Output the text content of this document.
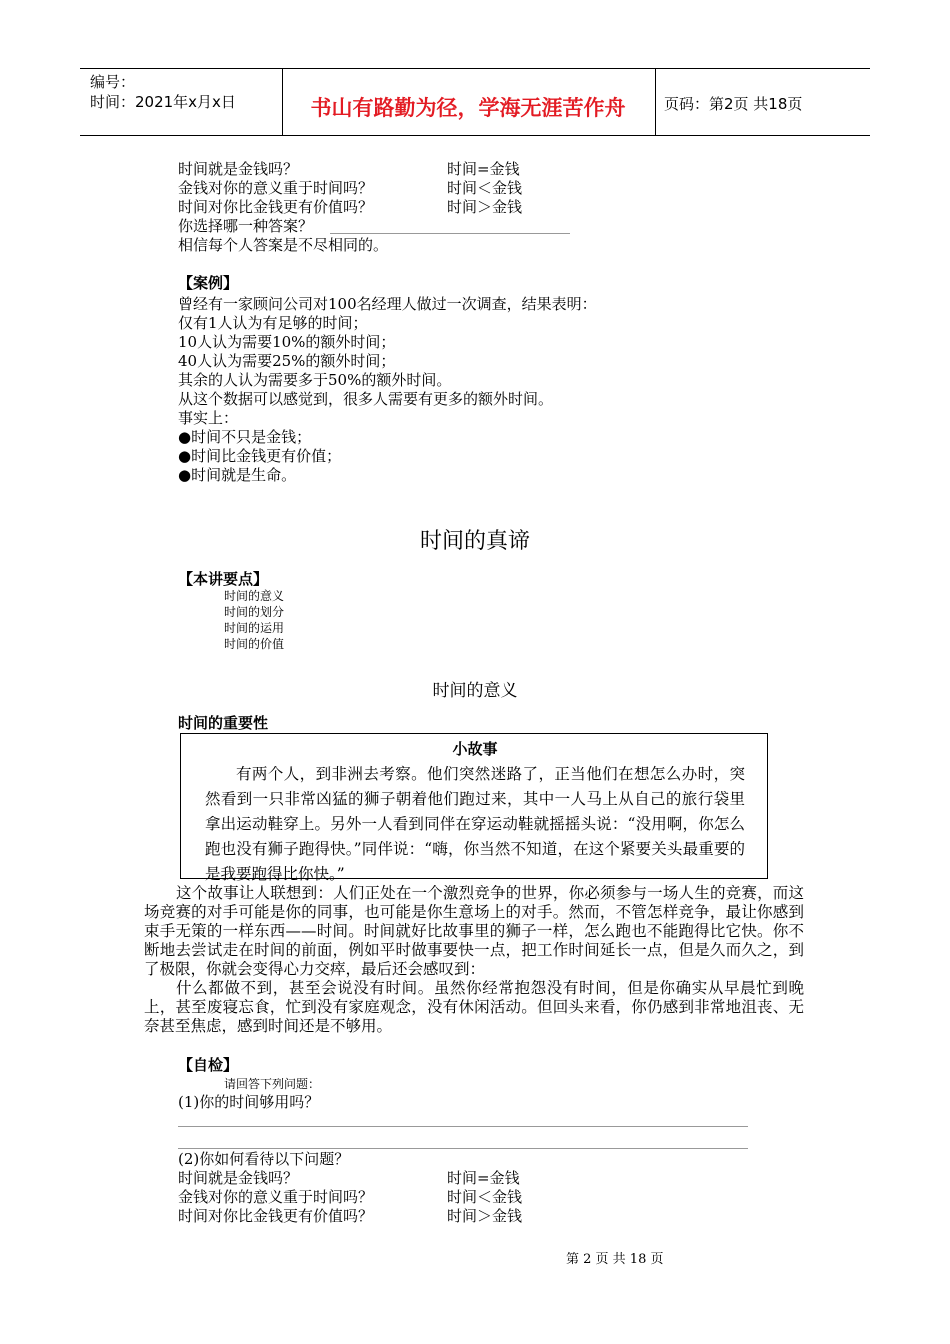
编号：
时间：2021年x月x日	书山有路勤为径，学海无涯苦作舟	页码：第2页 共18页
时间就是金钱吗？	时间=金钱
金钱对你的意义重于时间吗？	时间＜金钱
时间对你比金钱更有价值吗？	时间＞金钱
你选择哪一种答案？
相信每个人答案是不尽相同的。
【案例】
曾经有一家顾问公司对100名经理人做过一次调查，结果表明：
仅有1人认为有足够的时间；
10人认为需要10%的额外时间；
40人认为需要25%的额外时间；
其余的人认为需要多于50%的额外时间。
从这个数据可以感觉到，很多人需要有更多的额外时间。
事实上：
●时间不只是金钱；
●时间比金钱更有价值；
●时间就是生命。
时间的真谛
【本讲要点】
时间的意义
时间的划分
时间的运用
时间的价值
时间的意义
时间的重要性
小故事
有两个人，到非洲去考察。他们突然迷路了，正当他们在想怎么办时，突然看到一只非常凶猛的狮子朝着他们跑过来，其中一人马上从自己的旅行袋里拿出运动鞋穿上。另外一人看到同伴在穿运动鞋就摇摇头说：“没用啊，你怎么跑也没有狮子跑得快。”同伴说：“嗨，你当然不知道，在这个紧要关头最重要的是我要跑得比你快。”
这个故事让人联想到：人们正处在一个激烈竞争的世界，你必须参与一场人生的竞赛，而这场竞赛的对手可能是你的同事，也可能是你生意场上的对手。然而，不管怎样竞争，最让你感到束手无策的一样东西——时间。时间就好比故事里的狮子一样，怎么跑也不能跑得比它快。你不断地去尝试走在时间的前面，例如平时做事要快一点，把工作时间延长一点，但是久而久之，到了极限，你就会变得心力交瘁，最后还会感叹到：
什么都做不到，甚至会说没有时间。虽然你经常抱怨没有时间，但是你确实从早晨忙到晚上，甚至废寝忘食，忙到没有家庭观念，没有休闲活动。但回头来看，你仍感到非常地沮丧、无奈甚至焦虑，感到时间还是不够用。
【自检】
请回答下列问题：
(1)你的时间够用吗？
(2)你如何看待以下问题？
时间就是金钱吗？	时间=金钱
金钱对你的意义重于时间吗？	时间＜金钱
时间对你比金钱更有价值吗？	时间＞金钱
第 2 页 共 18 页
